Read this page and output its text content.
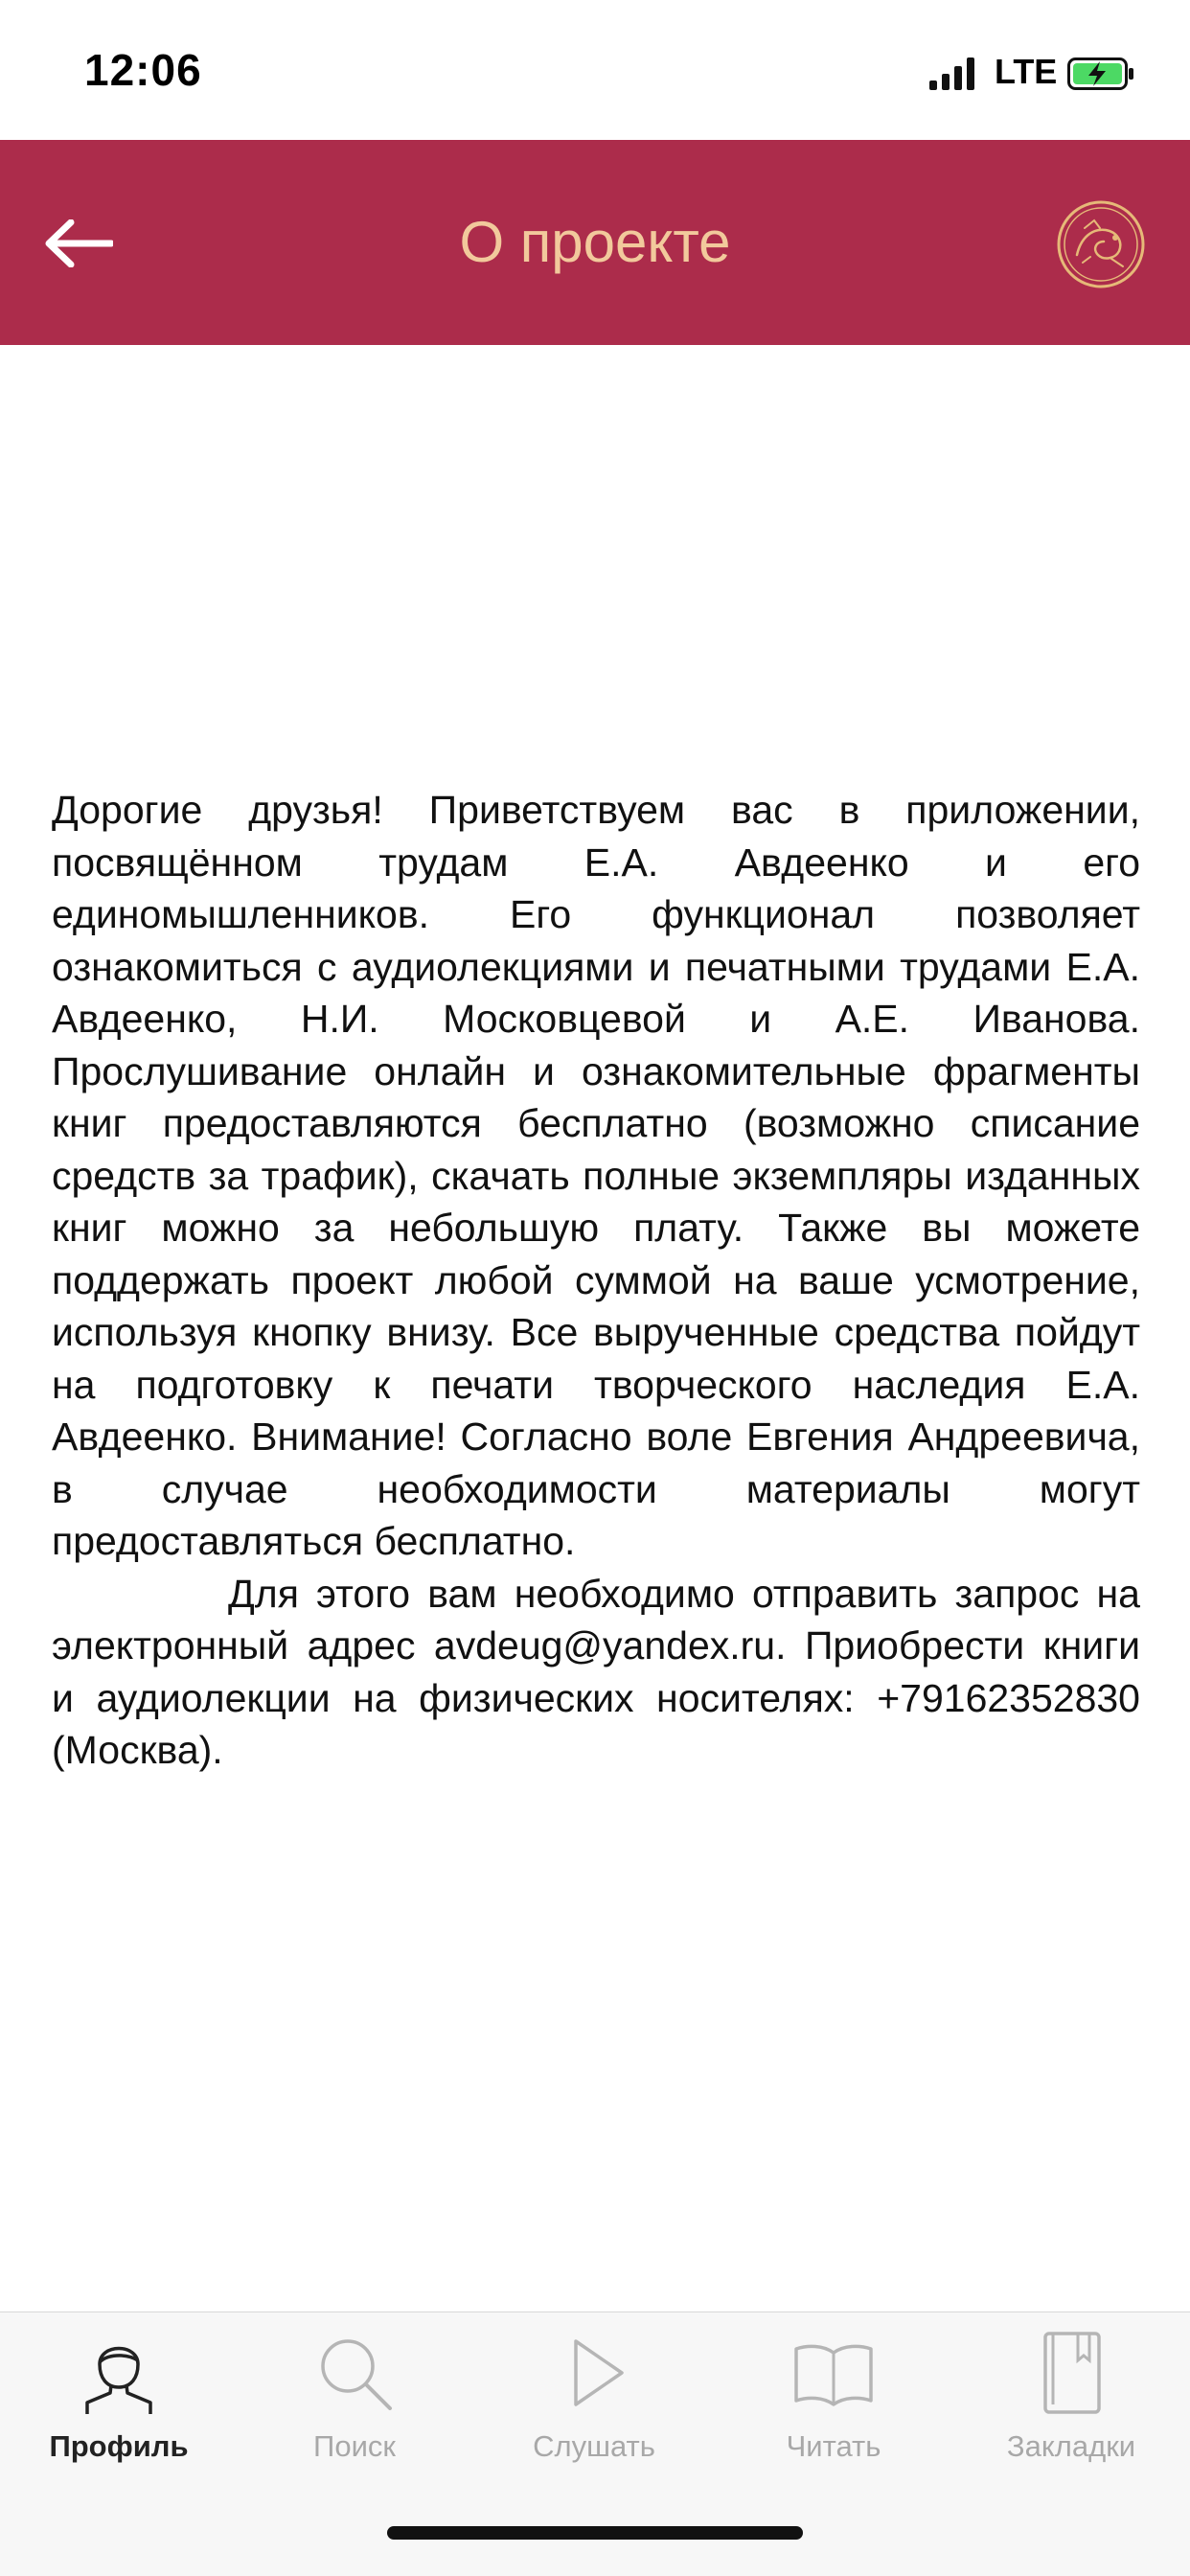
12:06	LTE
О проекте

Дорогие друзья! Приветствуем вас в приложении, посвящённом трудам Е.А. Авдеенко и его единомышленников. Его функционал позволяет ознакомиться с аудиолекциями и печатными трудами Е.А. Авдеенко, Н.И. Московцевой и А.Е. Иванова. Прослушивание онлайн и ознакомительные фрагменты книг предоставляются бесплатно (возможно списание средств за трафик), скачать полные экземпляры изданных книг можно за небольшую плату. Также вы можете поддержать проект любой суммой на ваше усмотрение, используя кнопку внизу. Все вырученные средства пойдут на подготовку к печати творческого наследия Е.А. Авдеенко. Внимание! Согласно воле Евгения Андреевича, в случае необходимости материалы могут предоставляться бесплатно.

Для этого вам необходимо отправить запрос на электронный адрес avdeug@yandex.ru. Приобрести книги и аудиолекции на физических носителях: +79162352830 (Москва).

Профиль	Поиск	Слушать	Читать	Закладки
